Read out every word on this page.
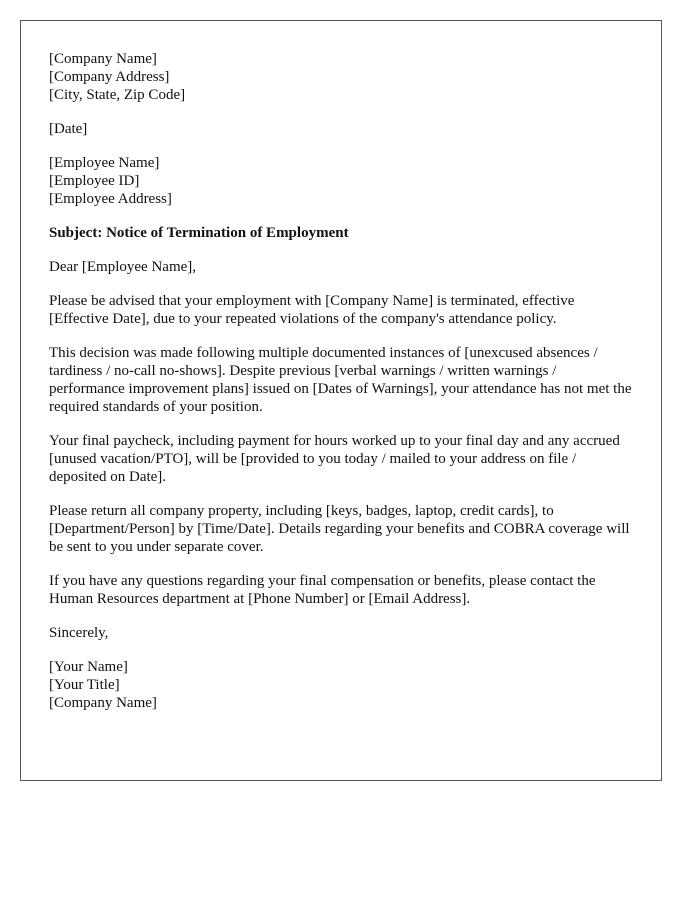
[Company Name]
[Company Address]
[City, State, Zip Code]
[Date]
[Employee Name]
[Employee ID]
[Employee Address]
Subject: Notice of Termination of Employment
Dear [Employee Name],

Please be advised that your employment with [Company Name] is terminated, effective [Effective Date], due to your repeated violations of the company's attendance policy.

This decision was made following multiple documented instances of [unexcused absences / tardiness / no-call no-shows]. Despite previous [verbal warnings / written warnings / performance improvement plans] issued on [Dates of Warnings], your attendance has not met the required standards of your position.

Your final paycheck, including payment for hours worked up to your final day and any accrued [unused vacation/PTO], will be [provided to you today / mailed to your address on file / deposited on Date].

Please return all company property, including [keys, badges, laptop, credit cards], to [Department/Person] by [Time/Date]. Details regarding your benefits and COBRA coverage will be sent to you under separate cover.

If you have any questions regarding your final compensation or benefits, please contact the Human Resources department at [Phone Number] or [Email Address].

Sincerely,
[Your Name]
[Your Title]
[Company Name]
